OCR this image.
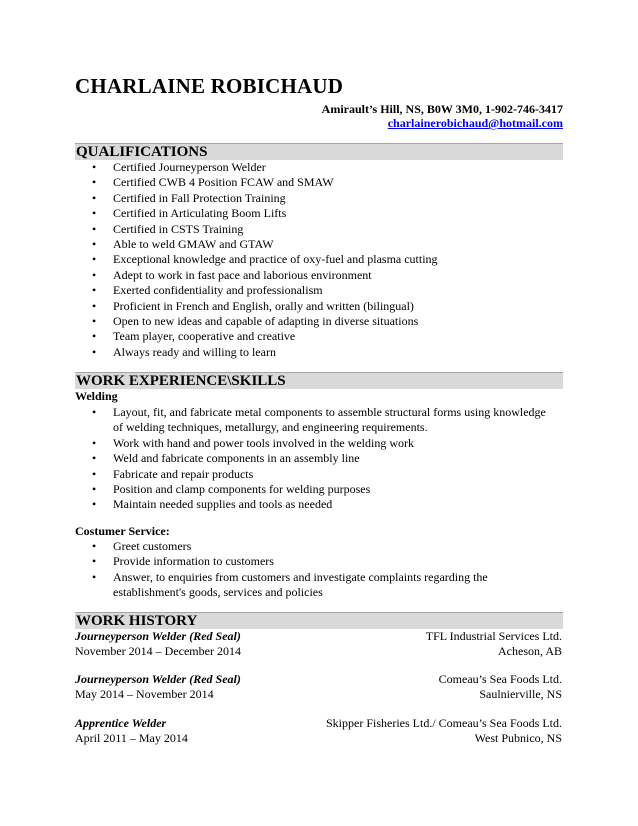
CHARLAINE ROBICHAUD
Amirault’s Hill, NS, B0W 3M0, 1-902-746-3417
charlainerobichaud@hotmail.com
QUALIFICATIONS
• Certified Journeyperson Welder
• Certified CWB 4 Position FCAW and SMAW
• Certified in Fall Protection Training
• Certified in Articulating Boom Lifts
• Certified in CSTS Training
• Able to weld GMAW and GTAW
• Exceptional knowledge and practice of oxy-fuel and plasma cutting
• Adept to work in fast pace and laborious environment
• Exerted confidentiality and professionalism
• Proficient in French and English, orally and written (bilingual)
• Open to new ideas and capable of adapting in diverse situations
• Team player, cooperative and creative
• Always ready and willing to learn
WORK EXPERIENCE\SKILLS
Welding
• Layout, fit, and fabricate metal components to assemble structural forms using knowledge of welding techniques, metallurgy, and engineering requirements.
• Work with hand and power tools involved in the welding work
• Weld and fabricate components in an assembly line
• Fabricate and repair products
• Position and clamp components for welding purposes
• Maintain needed supplies and tools as needed
Costumer Service:
• Greet customers
• Provide information to customers
• Answer, to enquiries from customers and investigate complaints regarding the establishment's goods, services and policies
WORK HISTORY
Journeyperson Welder (Red Seal)	TFL Industrial Services Ltd.
November 2014 – December 2014	Acheson, AB
Journeyperson Welder (Red Seal)	Comeau’s Sea Foods Ltd.
May 2014 – November 2014	Saulnierville, NS
Apprentice Welder	Skipper Fisheries Ltd./ Comeau’s Sea Foods Ltd.
April 2011 – May 2014	West Pubnico, NS
